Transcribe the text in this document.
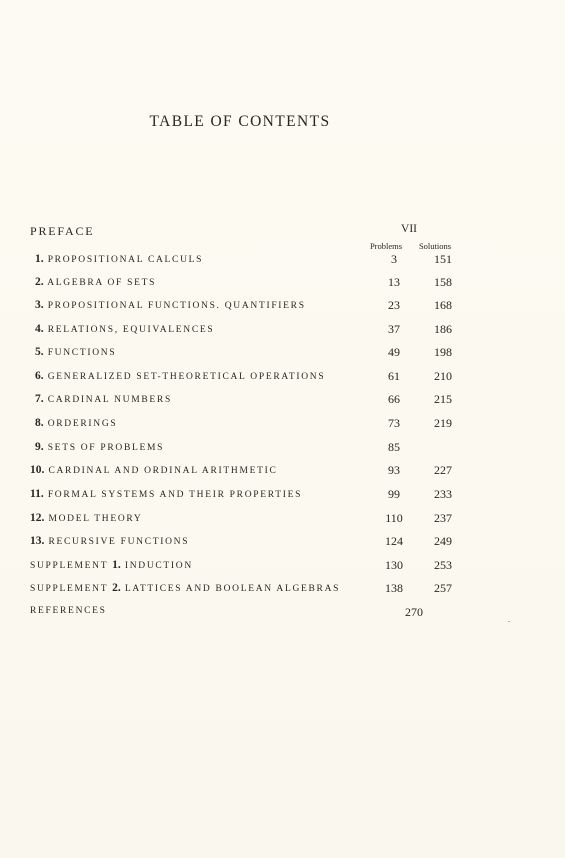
TABLE OF CONTENTS
PREFACE	VII
Problems	Solutions
1. PROPOSITIONAL CALCULS	3	151
2. ALGEBRA OF SETS	13	158
3. PROPOSITIONAL FUNCTIONS. QUANTIFIERS	23	168
4. RELATIONS, EQUIVALENCES	37	186
5. FUNCTIONS	49	198
6. GENERALIZED SET-THEORETICAL OPERATIONS	61	210
7. CARDINAL NUMBERS	66	215
8. ORDERINGS	73	219
9. SETS OF PROBLEMS	85
10. CARDINAL AND ORDINAL ARITHMETIC	93	227
11. FORMAL SYSTEMS AND THEIR PROPERTIES	99	233
12. MODEL THEORY	110	237
13. RECURSIVE FUNCTIONS	124	249
SUPPLEMENT 1. INDUCTION	130	253
SUPPLEMENT 2. LATTICES AND BOOLEAN ALGEBRAS	138	257
REFERENCES	270
